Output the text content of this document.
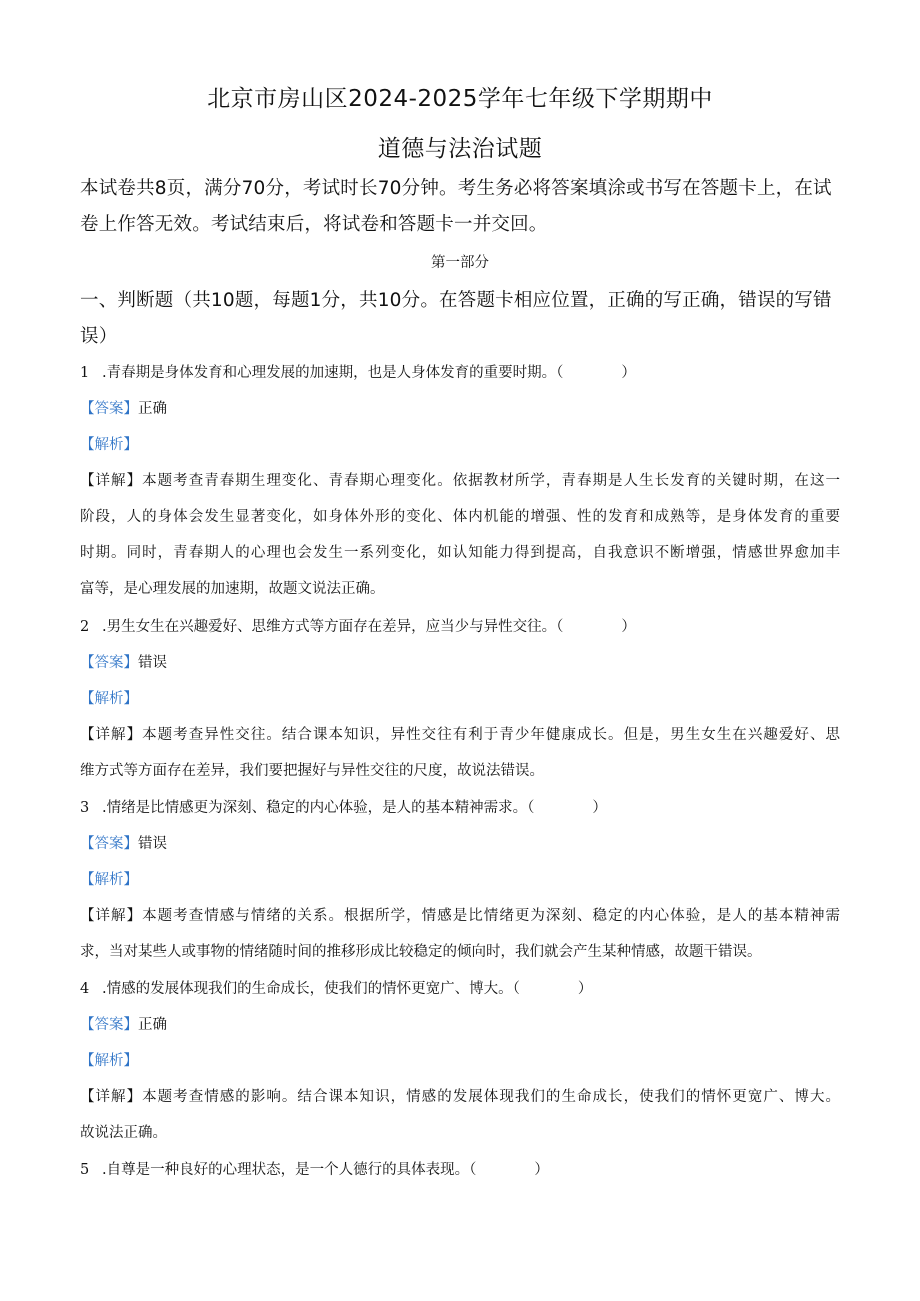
北京市房山区2024-2025学年七年级下学期期中
道德与法治试题
本试卷共8页，满分70分，考试时长70分钟。考生务必将答案填涂或书写在答题卡上，在试
卷上作答无效。考试结束后，将试卷和答题卡一并交回。
第一部分
一、判断题（共10题，每题1分，共10分。在答题卡相应位置，正确的写正确，错误的写错
误）
1 .青春期是身体发育和心理发展的加速期，也是人身体发育的重要时期。（　　　　）
【答案】正确
【解析】
【详解】本题考查青春期生理变化、青春期心理变化。依据教材所学，青春期是人生长发育的关键时期，在这一
阶段，人的身体会发生显著变化，如身体外形的变化、体内机能的增强、性的发育和成熟等，是身体发育的重要
时期。同时，青春期人的心理也会发生一系列变化，如认知能力得到提高，自我意识不断增强，情感世界愈加丰
富等，是心理发展的加速期，故题文说法正确。
2 .男生女生在兴趣爱好、思维方式等方面存在差异，应当少与异性交往。（　　　　）
【答案】错误
【解析】
【详解】本题考查异性交往。结合课本知识，异性交往有利于青少年健康成长。但是，男生女生在兴趣爱好、思
维方式等方面存在差异，我们要把握好与异性交往的尺度，故说法错误。
3 .情绪是比情感更为深刻、稳定的内心体验，是人的基本精神需求。（　　　　）
【答案】错误
【解析】
【详解】本题考查情感与情绪的关系。根据所学，情感是比情绪更为深刻、稳定的内心体验，是人的基本精神需
求，当对某些人或事物的情绪随时间的推移形成比较稳定的倾向时，我们就会产生某种情感，故题干错误。
4 .情感的发展体现我们的生命成长，使我们的情怀更宽广、博大。（　　　　）
【答案】正确
【解析】
【详解】本题考查情感的影响。结合课本知识，情感的发展体现我们的生命成长，使我们的情怀更宽广、博大。
故说法正确。
5 .自尊是一种良好的心理状态，是一个人德行的具体表现。（　　　　）
